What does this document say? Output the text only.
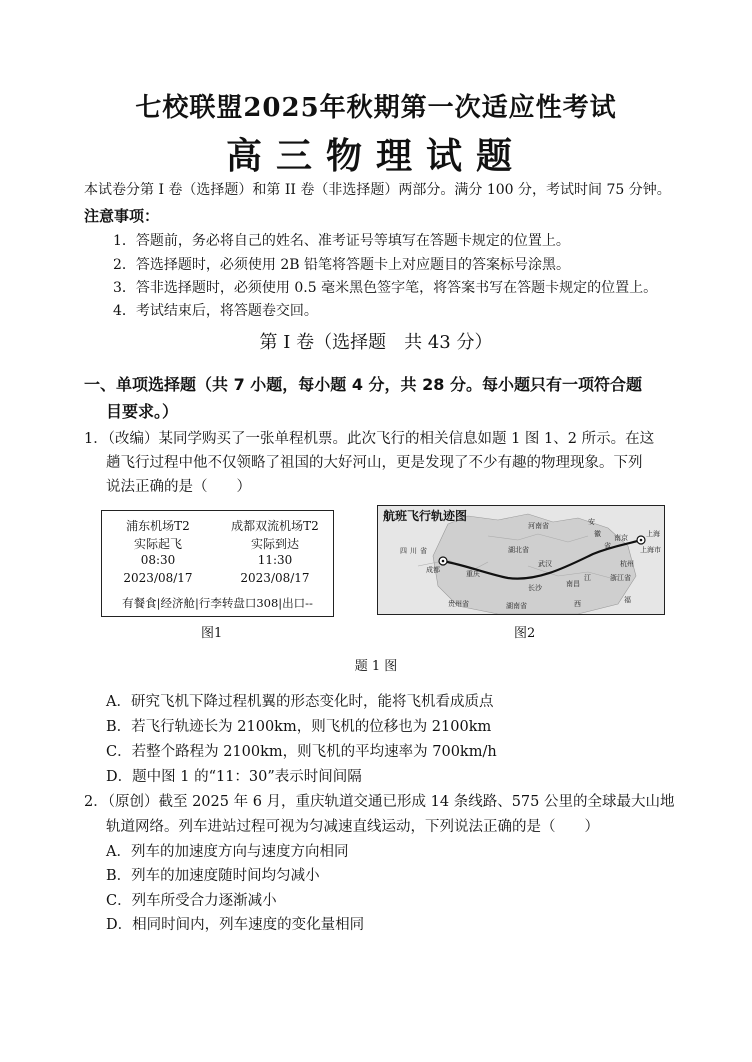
七校联盟2025年秋期第一次适应性考试
高三物理试题
本试卷分第 I 卷（选择题）和第 II 卷（非选择题）两部分。满分 100 分，考试时间 75 分钟。
注意事项：
1．答题前，务必将自己的姓名、准考证号等填写在答题卡规定的位置上。
2．答选择题时，必须使用 2B 铅笔将答题卡上对应题目的答案标号涂黑。
3．答非选择题时，必须使用 0.5 毫米黑色签字笔，将答案书写在答题卡规定的位置上。
4．考试结束后，将答题卷交回。
第 I 卷（选择题　共 43 分）
一、单项选择题（共 7 小题，每小题 4 分，共 28 分。每小题只有一项符合题
目要求。）
1．（改编）某同学购买了一张单程机票。此次飞行的相关信息如题 1 图 1、2 所示。在这
趟飞行过程中他不仅领略了祖国的大好河山，更是发现了不少有趣的物理现象。下列
说法正确的是（　　）
浦东机场T2	成都双流机场T2
实际起飞	实际到达
08:30	11:30
2023/08/17	2023/08/17
有餐食|经济舱|行李转盘口308|出口--
航班飞行轨迹图
四 川 省
成都	重庆
湖北省
武汉
河南省	安
徽
省
南京	上海
上海市
杭州
浙江省
江
南昌
长沙
贵州省	湖南省	西	福
图1	图2
题 1 图
A．研究飞机下降过程机翼的形态变化时，能将飞机看成质点
B．若飞行轨迹长为 2100km，则飞机的位移也为 2100km
C．若整个路程为 2100km，则飞机的平均速率为 700km/h
D．题中图 1 的“11：30”表示时间间隔
2．（原创）截至 2025 年 6 月，重庆轨道交通已形成 14 条线路、575 公里的全球最大山地
轨道网络。列车进站过程可视为匀减速直线运动，下列说法正确的是（　　）
A．列车的加速度方向与速度方向相同
B．列车的加速度随时间均匀减小
C．列车所受合力逐渐减小
D．相同时间内，列车速度的变化量相同
